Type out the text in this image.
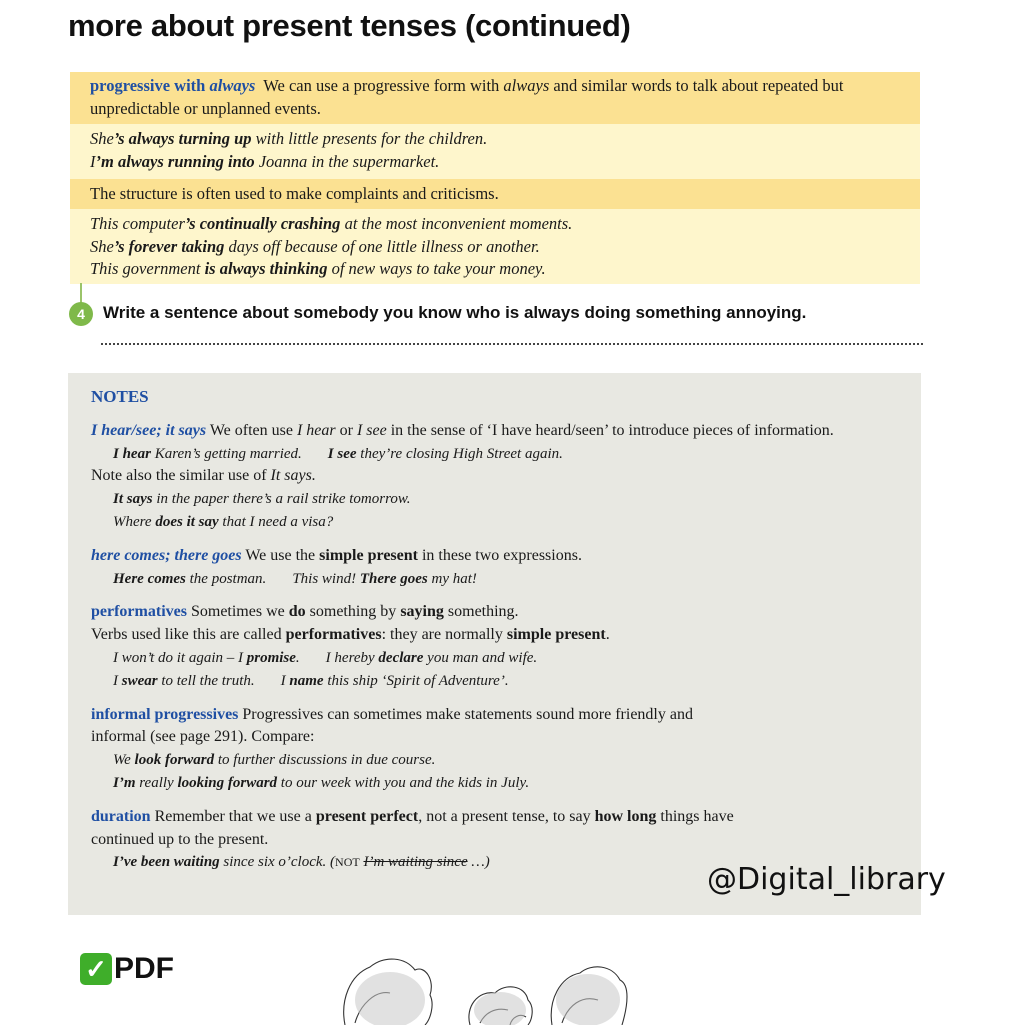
more about present tenses (continued)
progressive with always We can use a progressive form with always and similar words to talk about repeated but unpredictable or unplanned events.
She’s always turning up with little presents for the children.
I’m always running into Joanna in the supermarket.
The structure is often used to make complaints and criticisms.
This computer’s continually crashing at the most inconvenient moments.
She’s forever taking days off because of one little illness or another.
This government is always thinking of new ways to take your money.
4	Write a sentence about somebody you know who is always doing something annoying.
NOTES
I hear/see; it says We often use I hear or I see in the sense of ‘I have heard/seen’ to introduce pieces of information.
I hear Karen’s getting married. I see they’re closing High Street again.
Note also the similar use of It says.
It says in the paper there’s a rail strike tomorrow.
Where does it say that I need a visa?
here comes; there goes We use the simple present in these two expressions.
Here comes the postman. This wind! There goes my hat!
performatives Sometimes we do something by saying something.
Verbs used like this are called performatives: they are normally simple present.
I won’t do it again – I promise. I hereby declare you man and wife.
I swear to tell the truth. I name this ship ‘Spirit of Adventure’.
informal progressives Progressives can sometimes make statements sound more friendly and
informal (see page 291). Compare:
We look forward to further discussions in due course.
I’m really looking forward to our week with you and the kids in July.
duration Remember that we use a present perfect, not a present tense, to say how long things have
continued up to the present.
I’ve been waiting since six o’clock. (NOT I’m waiting since …)	@Digital_library
✓ PDF
